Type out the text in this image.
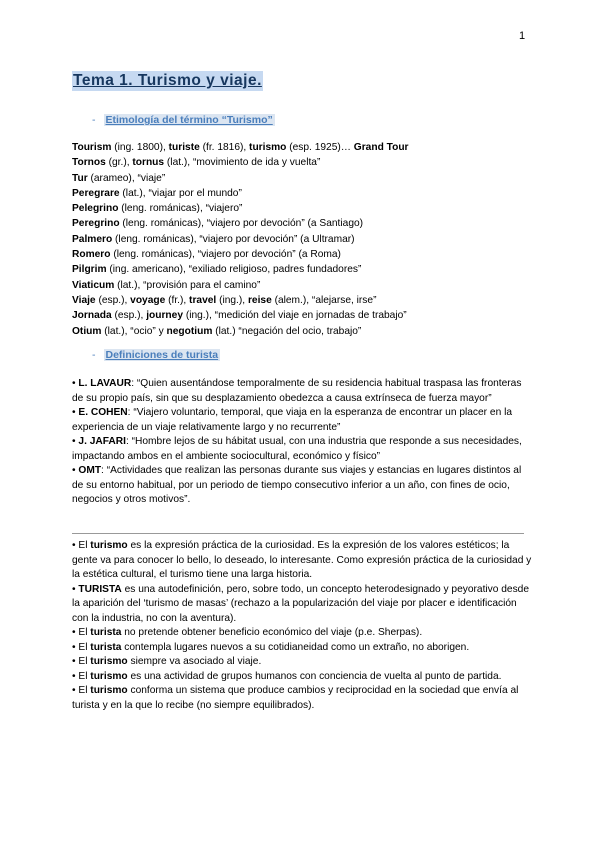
1
Tema 1. Turismo y viaje.
- Etimología del término “Turismo”
Tourism (ing. 1800), turiste (fr. 1816), turismo (esp. 1925)… Grand Tour
Tornos (gr.), tornus (lat.), “movimiento de ida y vuelta”
Tur (arameo), “viaje”
Peregrare (lat.), “viajar por el mundo”
Pelegrino (leng. románicas), “viajero”
Peregrino (leng. románicas), “viajero por devoción” (a Santiago)
Palmero (leng. románicas), “viajero por devoción” (a Ultramar)
Romero (leng. románicas), “viajero por devoción” (a Roma)
Pilgrim (ing. americano), “exiliado religioso, padres fundadores”
Viaticum (lat.), “provisión para el camino”
Viaje (esp.), voyage (fr.), travel (ing.), reise (alem.), “alejarse, irse”
Jornada (esp.), journey (ing.), “medición del viaje en jornadas de trabajo”
Otium (lat.), “ocio” y negotium (lat.) “negación del ocio, trabajo”
- Definiciones de turista

• L. LAVAUR: “Quien ausentándose temporalmente de su residencia habitual traspasa las fronteras de su propio país, sin que su desplazamiento obedezca a causa extrínseca de fuerza mayor”

• E. COHEN: “Viajero voluntario, temporal, que viaja en la esperanza de encontrar un placer en la experiencia de un viaje relativamente largo y no recurrente”

• J. JAFARI: “Hombre lejos de su hábitat usual, con una industria que responde a sus necesidades, impactando ambos en el ambiente sociocultural, económico y físico”

• OMT: “Actividades que realizan las personas durante sus viajes y estancias en lugares distintos al de su entorno habitual, por un periodo de tiempo consecutivo inferior a un año, con fines de ocio, negocios y otros motivos”.

• El turismo es la expresión práctica de la curiosidad. Es la expresión de los valores estéticos; la gente va para conocer lo bello, lo deseado, lo interesante. Como expresión práctica de la curiosidad y la estética cultural, el turismo tiene una larga historia.

• TURISTA es una autodefinición, pero, sobre todo, un concepto heterodesignado y peyorativo desde la aparición del ‘turismo de masas’ (rechazo a la popularización del viaje por placer e identificación con la industria, no con la aventura).

• El turista no pretende obtener beneficio económico del viaje (p.e. Sherpas).

• El turista contempla lugares nuevos a su cotidianeidad como un extraño, no aborigen.

• El turismo siempre va asociado al viaje.

• El turismo es una actividad de grupos humanos con conciencia de vuelta al punto de partida.

• El turismo conforma un sistema que produce cambios y reciprocidad en la sociedad que envía al turista y en la que lo recibe (no siempre equilibrados).
